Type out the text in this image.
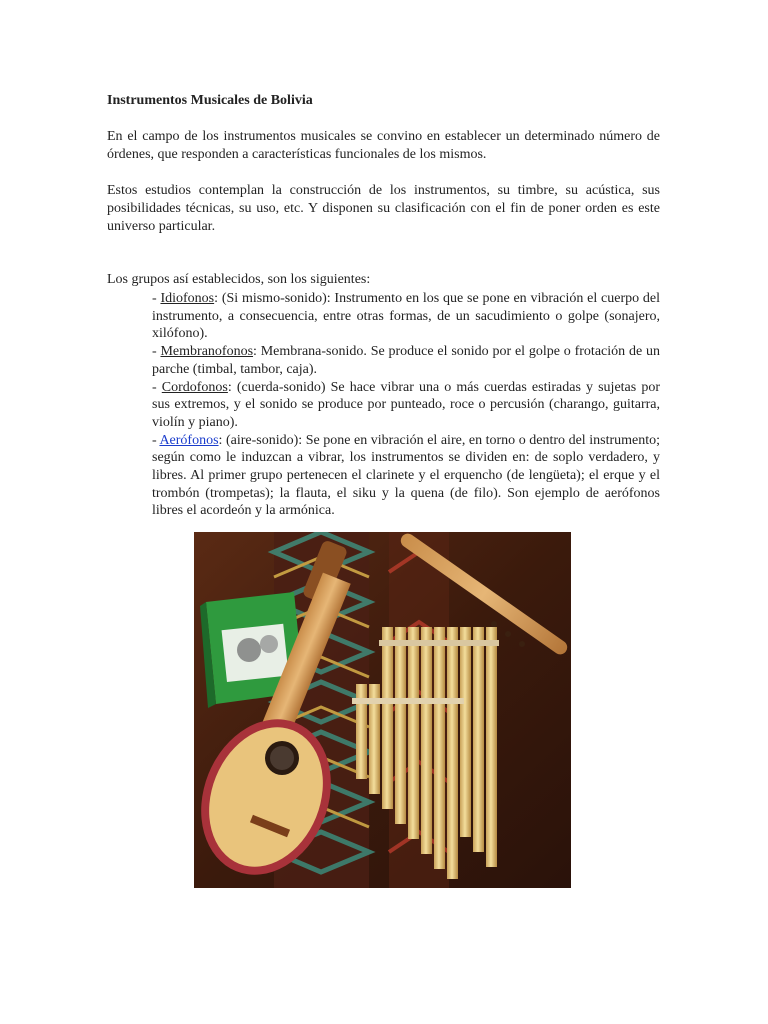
Instrumentos Musicales de Bolivia

En el campo de los instrumentos musicales se convino en establecer un determinado número de órdenes, que responden a características funcionales de los mismos.

Estos estudios contemplan la construcción de los instrumentos, su timbre, su acústica, sus posibilidades técnicas, su uso, etc. Y disponen su clasificación con el fin de poner orden es este universo particular.

Los grupos así establecidos, son los siguientes:

- Idiofonos: (Si mismo-sonido): Instrumento en los que se pone en vibración el cuerpo del instrumento, a consecuencia, entre otras formas, de un sacudimiento o golpe (sonajero, xilófono).
- Membranofonos: Membrana-sonido. Se produce el sonido por el golpe o frotación de un parche (timbal, tambor, caja).
- Cordofonos: (cuerda-sonido) Se hace vibrar una o más cuerdas estiradas y sujetas por sus extremos, y el sonido se produce por punteado, roce o percusión (charango, guitarra, violín y piano).
- Aerófonos: (aire-sonido): Se pone en vibración el aire, en torno o dentro del instrumento; según como le induzcan a vibrar, los instrumentos se dividen en: de soplo verdadero, y libres. Al primer grupo pertenecen el clarinete y el erquencho (de lengüeta); el erque y el trombón (trompetas); la flauta, el siku y la quena (de filo). Son ejemplo de aerófonos libres el acordeón y la armónica.
